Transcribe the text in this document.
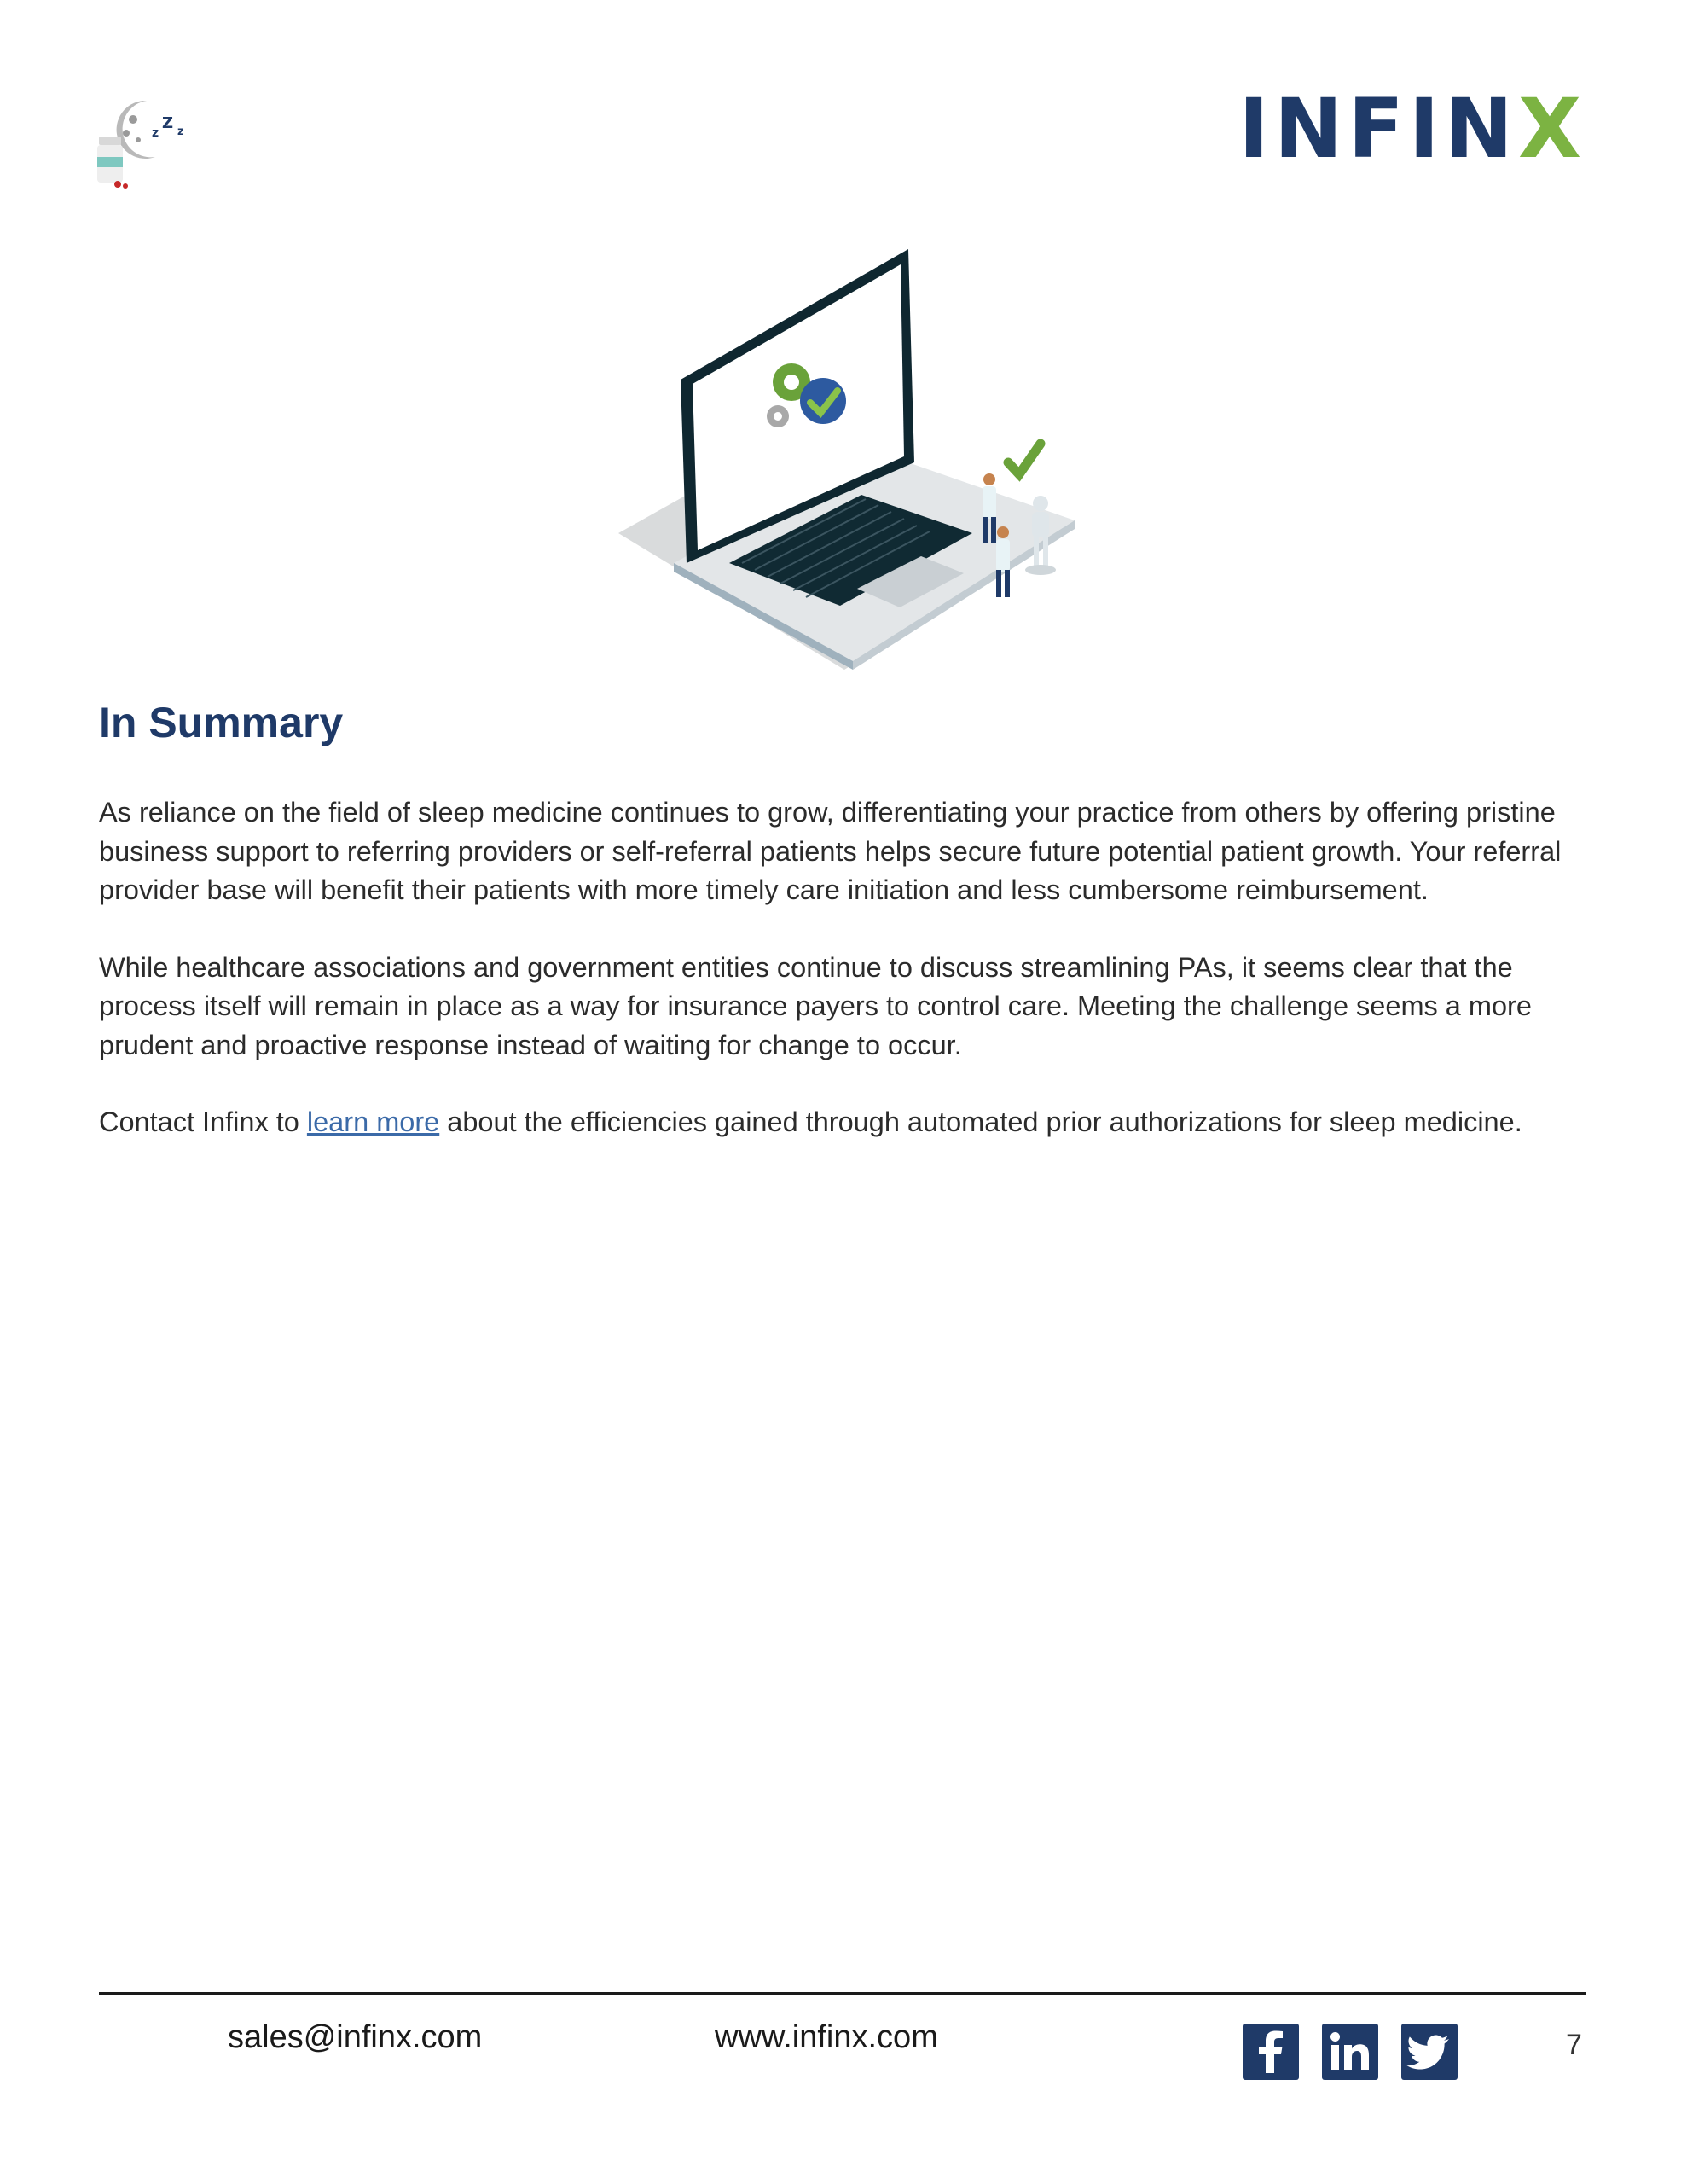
z
Z z	INFINX
In Summary

As reliance on the field of sleep medicine continues to grow, differentiating your practice from others by offering pristine business support to referring providers or self-referral patients helps secure future potential patient growth. Your referral provider base will benefit their patients with more timely care initiation and less cumbersome reimbursement.

While healthcare associations and government entities continue to discuss streamlining PAs, it seems clear that the process itself will remain in place as a way for insurance payers to control care. Meeting the challenge seems a more prudent and proactive response instead of waiting for change to occur.

Contact Infinx to learn more about the efficiencies gained through automated prior authorizations for sleep medicine.

sales@infinx.com	www.infinx.com	7
